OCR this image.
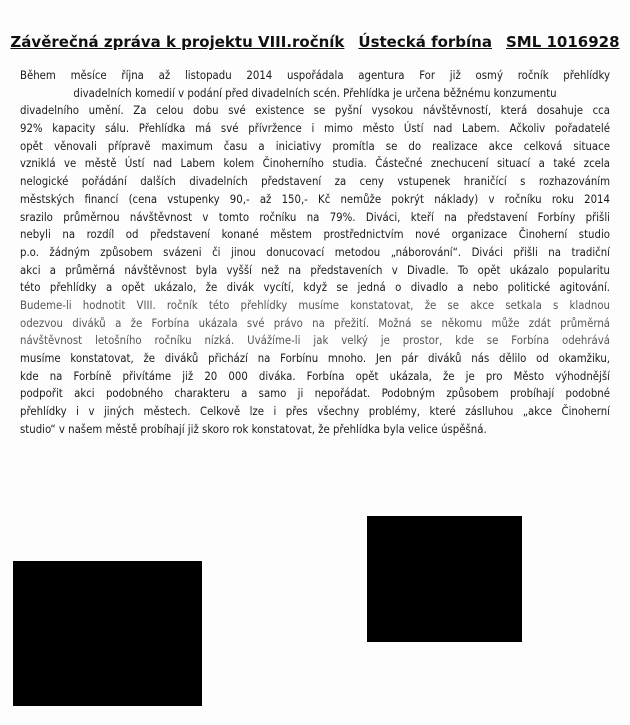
Závěrečná zpráva k projektu VIII.ročník Ústecká forbína SML 1016928
Během měsíce října až listopadu 2014 uspořádala agentura For již osmý ročník přehlídky
divadelních komedií v podání před divadelních scén. Přehlídka je určena běžnému konzumentu
divadelního umění. Za celou dobu své existence se pyšní vysokou návštěvností, která dosahuje cca
92% kapacity sálu. Přehlídka má své přívržence i mimo město Ústí nad Labem. Ačkoliv pořadatelé
opět věnovali přípravě maximum času a iniciativy promítla se do realizace akce celková situace
vzniklá ve městě Ústí nad Labem kolem Činoherního studia. Částečné znechucení situací a také zcela
nelogické pořádání dalších divadelních představení za ceny vstupenek hraničící s rozhazováním
městských financí (cena vstupenky 90,- až 150,- Kč nemůže pokrýt náklady) v ročníku roku 2014
srazilo průměrnou návštěvnost v tomto ročníku na 79%. Diváci, kteří na představení Forbíny přišli
nebyli na rozdíl od představení konané městem prostřednictvím nové organizace Činoherní studio
p.o. žádným způsobem svázeni či jinou donucovací metodou „náborování“. Diváci přišli na tradiční
akci a průměrná návštěvnost byla vyšší než na představeních v Divadle. To opět ukázalo popularitu
této přehlídky a opět ukázalo, že divák vycítí, když se jedná o divadlo a nebo politické agitování.
Budeme-li hodnotit VIII. ročník této přehlídky musíme konstatovat, že se akce setkala s kladnou
odezvou diváků a že Forbína ukázala své právo na přežití. Možná se někomu může zdát průměrná
návštěvnost letošního ročníku nízká. Uvážíme-li jak velký je prostor, kde se Forbína odehrává
musíme konstatovat, že diváků přichází na Forbínu mnoho. Jen pár diváků nás dělilo od okamžiku,
kde na Forbíně přivítáme již 20 000 diváka. Forbína opět ukázala, že je pro Město výhodnější
podpořit akci podobného charakteru a samo ji nepořádat. Podobným způsobem probíhají podobné
přehlídky i v jiných městech. Celkově lze i přes všechny problémy, které záslluhou „akce Činoherní
studio“ v našem městě probíhají již skoro rok konstatovat, že přehlídka byla velice úspěšná.
